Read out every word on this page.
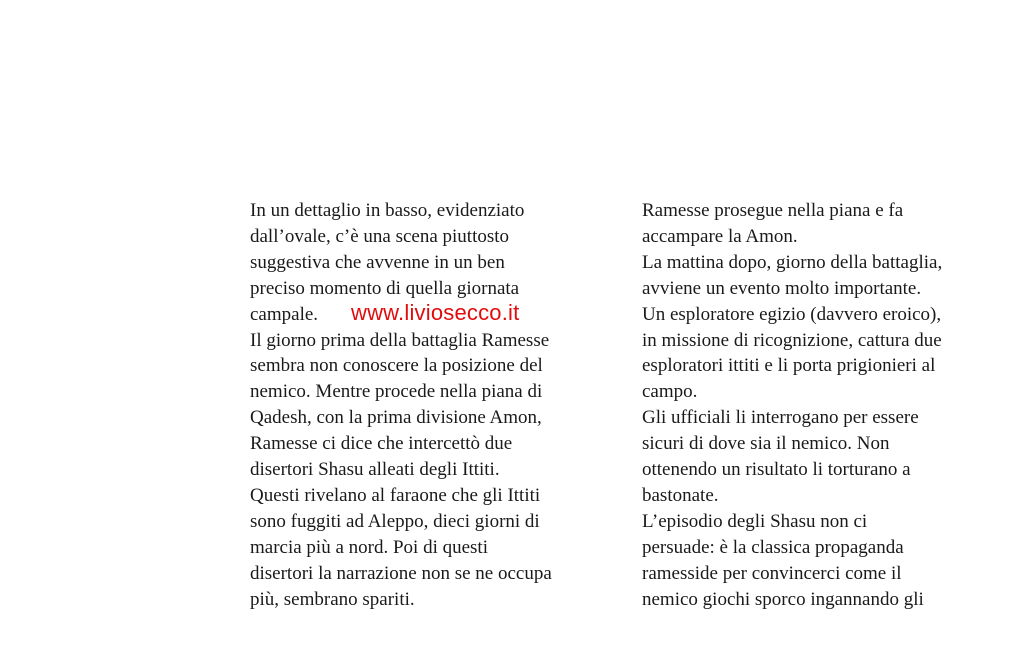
In un dettaglio in basso, evidenziato
dall’ovale, c’è una scena piuttosto
suggestiva che avvenne in un ben
preciso momento di quella giornata
campale.
Il giorno prima della battaglia Ramesse
sembra non conoscere la posizione del
nemico. Mentre procede nella piana di
Qadesh, con la prima divisione Amon,
Ramesse ci dice che intercettò due
disertori Shasu alleati degli Ittiti.
Questi rivelano al faraone che gli Ittiti
sono fuggiti ad Aleppo, dieci giorni di
marcia più a nord. Poi di questi
disertori la narrazione non se ne occupa
più, sembrano spariti.
Ramesse prosegue nella piana e fa
accampare la Amon.
La mattina dopo, giorno della battaglia,
avviene un evento molto importante.
Un esploratore egizio (davvero eroico),
in missione di ricognizione, cattura due
esploratori ittiti e li porta prigionieri al
campo.
Gli ufficiali li interrogano per essere
sicuri di dove sia il nemico. Non
ottenendo un risultato li torturano a
bastonate.
L’episodio degli Shasu non ci
persuade: è la classica propaganda
ramesside per convincerci come il
nemico giochi sporco ingannando gli
www.liviosecco.it
